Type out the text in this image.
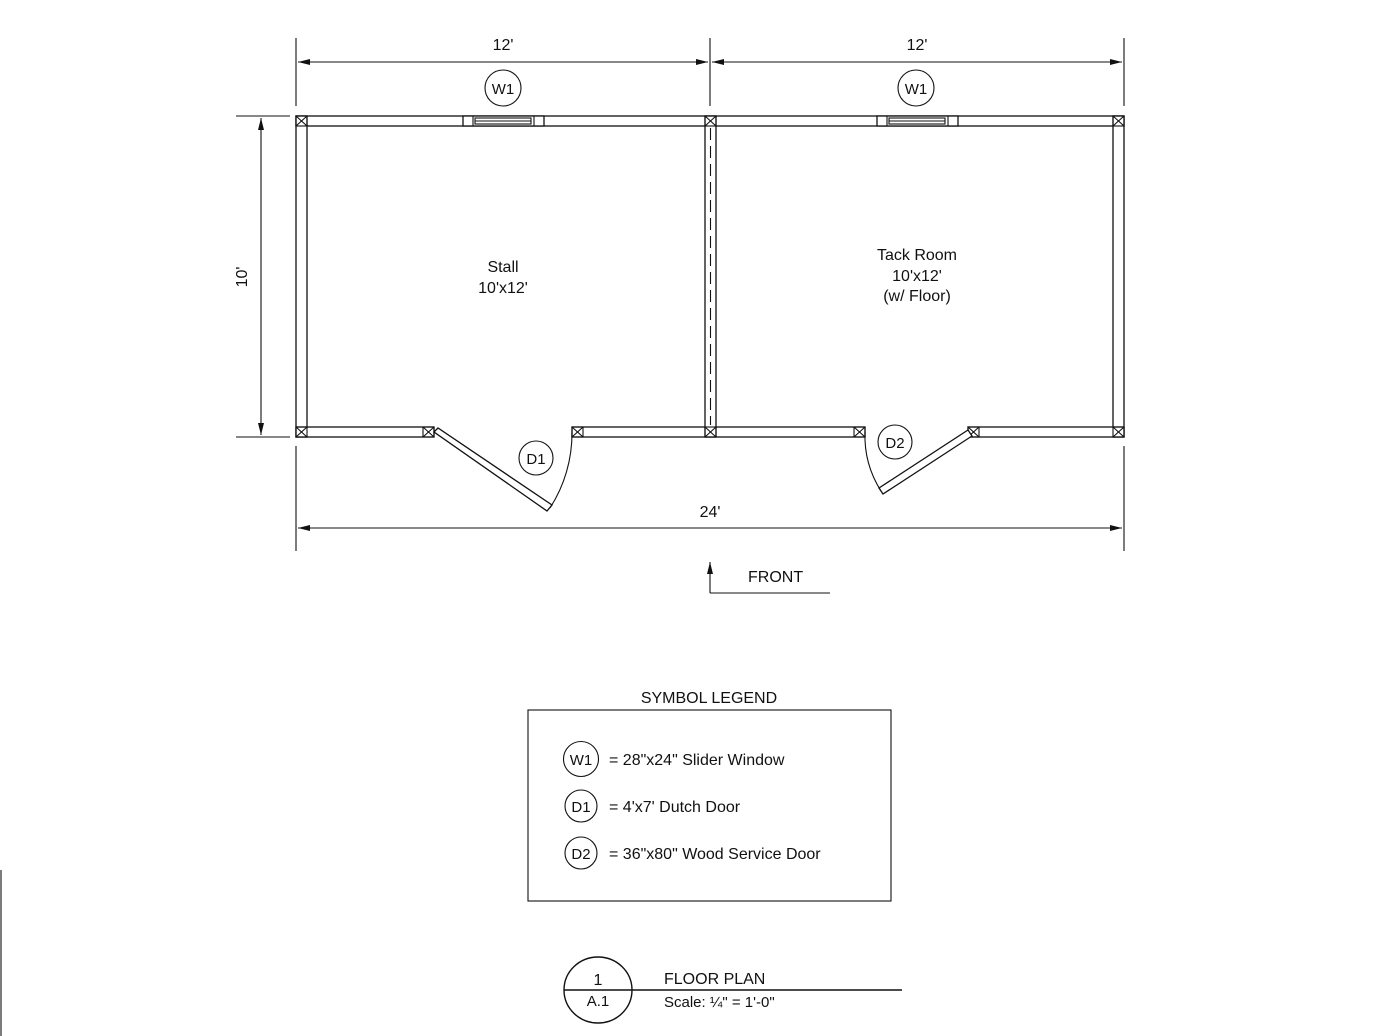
12'	12'
10'
24'
W1	W1
D1
D2
Stall
10'x12'
Tack Room
10'x12'
(w/ Floor)
FRONT
SYMBOL LEGEND
W1 = 28"x24" Slider Window
D1 = 4'x7' Dutch Door
D2 = 36"x80" Wood Service Door
1
A.1
FLOOR PLAN
Scale: ¼" = 1'-0"
